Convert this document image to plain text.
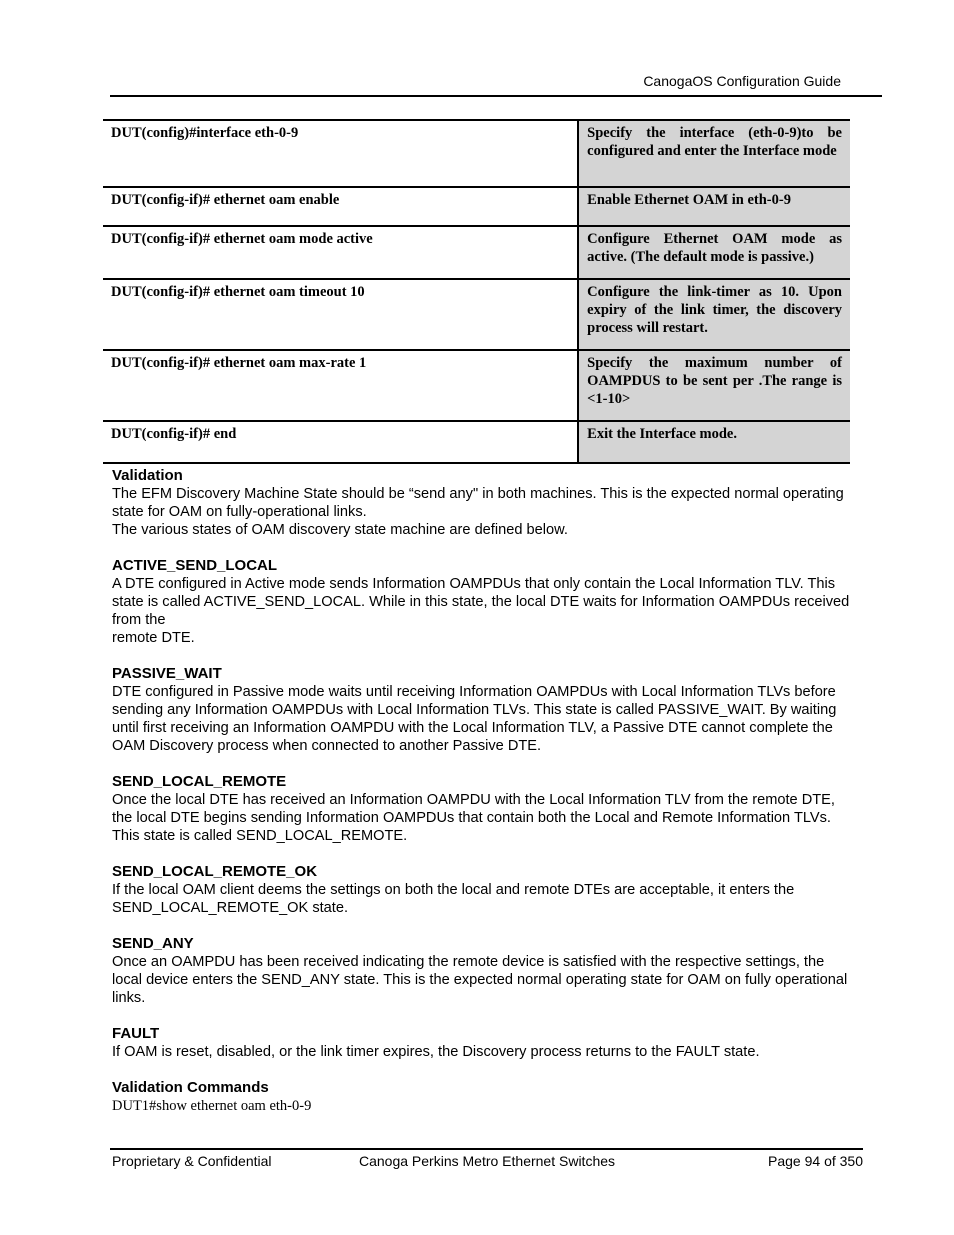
CanogaOS Configuration Guide
DUT(config)#interface eth-0-9	Specify the interface (eth-0-9)to be configured and enter the Interface mode
DUT(config-if)# ethernet oam enable	Enable Ethernet OAM in eth-0-9
DUT(config-if)# ethernet oam mode active	Configure Ethernet OAM mode as active. (The default mode is passive.)
DUT(config-if)# ethernet oam timeout 10	Configure the link-timer as 10. Upon expiry of the link timer, the discovery process will restart.
DUT(config-if)# ethernet oam max-rate 1	Specify the maximum number of OAMPDUS to be sent per .The range is <1-10>
DUT(config-if)# end	Exit the Interface mode.
Validation

The EFM Discovery Machine State should be “send any" in both machines. This is the expected normal operating state for OAM on fully-operational links.

The various states of OAM discovery state machine are defined below.

ACTIVE_SEND_LOCAL

A DTE configured in Active mode sends Information OAMPDUs that only contain the Local Information TLV. This state is called ACTIVE_SEND_LOCAL. While in this state, the local DTE waits for Information OAMPDUs received from the

remote DTE.

PASSIVE_WAIT

DTE configured in Passive mode waits until receiving Information OAMPDUs with Local Information TLVs before sending any Information OAMPDUs with Local Information TLVs. This state is called PASSIVE_WAIT. By waiting until first receiving an Information OAMPDU with the Local Information TLV, a Passive DTE cannot complete the OAM Discovery process when connected to another Passive DTE.

SEND_LOCAL_REMOTE

Once the local DTE has received an Information OAMPDU with the Local Information TLV from the remote DTE, the local DTE begins sending Information OAMPDUs that contain both the Local and Remote Information TLVs. This state is called SEND_LOCAL_REMOTE.

SEND_LOCAL_REMOTE_OK

If the local OAM client deems the settings on both the local and remote DTEs are acceptable, it enters the SEND_LOCAL_REMOTE_OK state.

SEND_ANY

Once an OAMPDU has been received indicating the remote device is satisfied with the respective settings, the local device enters the SEND_ANY state. This is the expected normal operating state for OAM on fully operational links.

FAULT

If OAM is reset, disabled, or the link timer expires, the Discovery process returns to the FAULT state.

Validation Commands

DUT1#show ethernet oam eth-0-9

Proprietary & Confidential	Canoga Perkins Metro Ethernet Switches	Page 94 of 350
